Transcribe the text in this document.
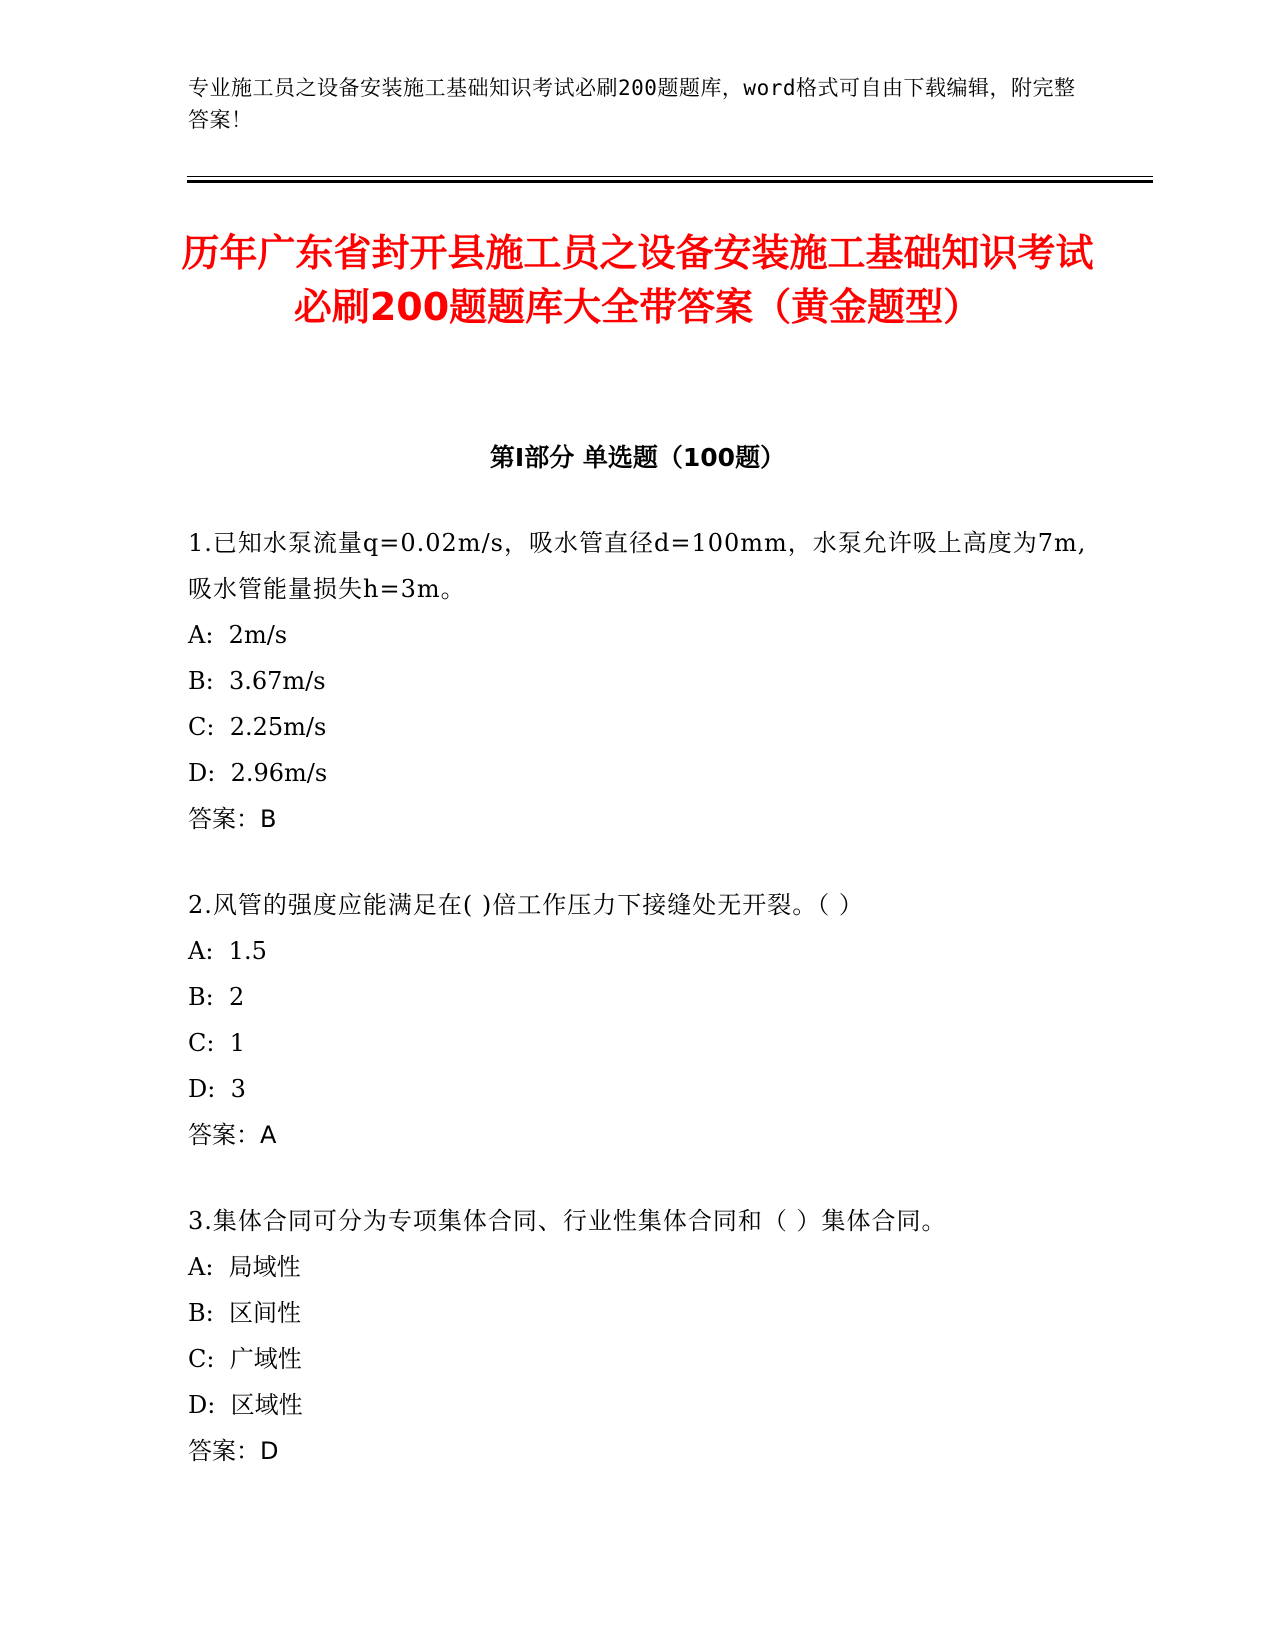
专业施工员之设备安装施工基础知识考试必刷200题题库，word格式可自由下载编辑，附完整答案！
历年广东省封开县施工员之设备安装施工基础知识考试必刷200题题库大全带答案（黄金题型）
第Ⅰ部分 单选题（100题）
1.已知水泵流量q=0.02m/s，吸水管直径d=100mm，水泵允许吸上高度为7m,吸水管能量损失h=3m。
A:  2m/s
B:  3.67m/s
C:  2.25m/s
D:  2.96m/s
答案：B
2.风管的强度应能满足在( )倍工作压力下接缝处无开裂。（ ）
A:  1.5
B:  2
C:  1
D:  3
答案：A
3.集体合同可分为专项集体合同、行业性集体合同和（ ）集体合同。
A:  局域性
B:  区间性
C:  广域性
D:  区域性
答案：D
